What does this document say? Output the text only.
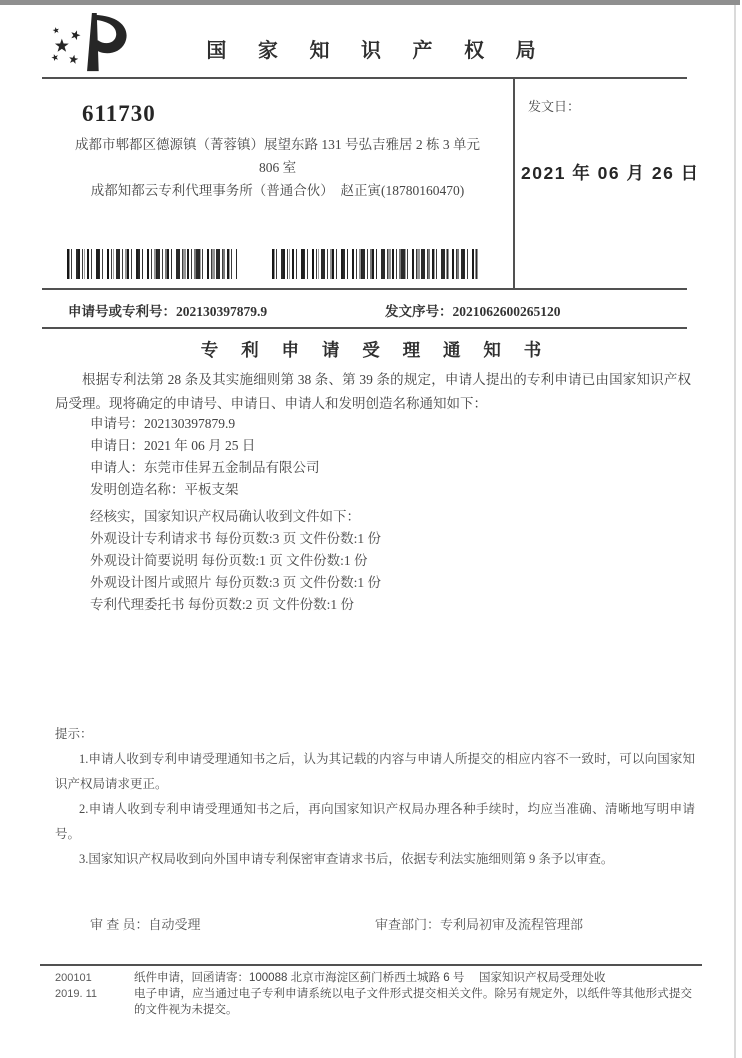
国 家 知 识 产 权 局
611730
成都市郫都区德源镇（菁蓉镇）展望东路 131 号弘吉雅居 2 栋 3 单元
806 室
成都知都云专利代理事务所（普通合伙）　赵正寅(18780160470)
发文日：
2021 年 06 月 26 日
申请号或专利号：202130397879.9	发文序号：2021062600265120
专 利 申 请 受 理 通 知 书
根据专利法第 28 条及其实施细则第 38 条、第 39 条的规定，申请人提出的专利申请已由国家知识产权局受理。现将确定的申请号、申请日、申请人和发明创造名称通知如下：
申请号：202130397879.9
申请日：2021 年 06 月 25 日
申请人：东莞市佳昇五金制品有限公司
发明创造名称：平板支架
经核实，国家知识产权局确认收到文件如下：
外观设计专利请求书 每份页数:3 页 文件份数:1 份
外观设计简要说明 每份页数:1 页 文件份数:1 份
外观设计图片或照片 每份页数:3 页 文件份数:1 份
专利代理委托书 每份页数:2 页 文件份数:1 份

提示：

1.申请人收到专利申请受理通知书之后，认为其记载的内容与申请人所提交的相应内容不一致时，可以向国家知识产权局请求更正。

2.申请人收到专利申请受理通知书之后，再向国家知识产权局办理各种手续时，均应当准确、清晰地写明申请号。

3.国家知识产权局收到向外国申请专利保密审查请求书后，依据专利法实施细则第 9 条予以审查。

审 查 员：自动受理	审查部门：专利局初审及流程管理部
200101
2019. 11
纸件申请，回函请寄：100088 北京市海淀区蓟门桥西土城路 6 号　 国家知识产权局受理处收
电子申请，应当通过电子专利申请系统以电子文件形式提交相关文件。除另有规定外，以纸件等其他形式提交的文件视为未提交。
